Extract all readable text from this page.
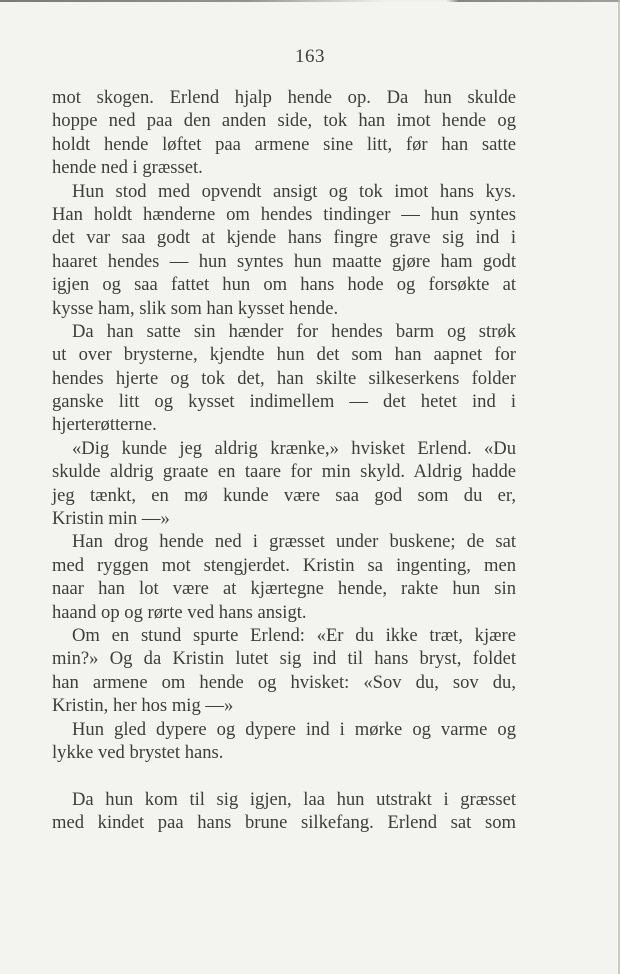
163
mot skogen. Erlend hjalp hende op. Da hun skulde
hoppe ned paa den anden side, tok han imot hende og
holdt hende løftet paa armene sine litt, før han satte
hende ned i græsset.
Hun stod med opvendt ansigt og tok imot hans kys.
Han holdt hænderne om hendes tindinger — hun syntes
det var saa godt at kjende hans fingre grave sig ind i
haaret hendes — hun syntes hun maatte gjøre ham godt
igjen og saa fattet hun om hans hode og forsøkte at
kysse ham, slik som han kysset hende.
Da han satte sin hænder for hendes barm og strøk
ut over brysterne, kjendte hun det som han aapnet for
hendes hjerte og tok det, han skilte silkeserkens folder
ganske litt og kysset indimellem — det hetet ind i
hjerterøtterne.
«Dig kunde jeg aldrig krænke,» hvisket Erlend. «Du
skulde aldrig graate en taare for min skyld. Aldrig hadde
jeg tænkt, en mø kunde være saa god som du er,
Kristin min —»
Han drog hende ned i græsset under buskene; de sat
med ryggen mot stengjerdet. Kristin sa ingenting, men
naar han lot være at kjærtegne hende, rakte hun sin
haand op og rørte ved hans ansigt.
Om en stund spurte Erlend: «Er du ikke træt, kjære
min?» Og da Kristin lutet sig ind til hans bryst, foldet
han armene om hende og hvisket: «Sov du, sov du,
Kristin, her hos mig —»
Hun gled dypere og dypere ind i mørke og varme og
lykke ved brystet hans.
Da hun kom til sig igjen, laa hun utstrakt i græsset
med kindet paa hans brune silkefang. Erlend sat som
